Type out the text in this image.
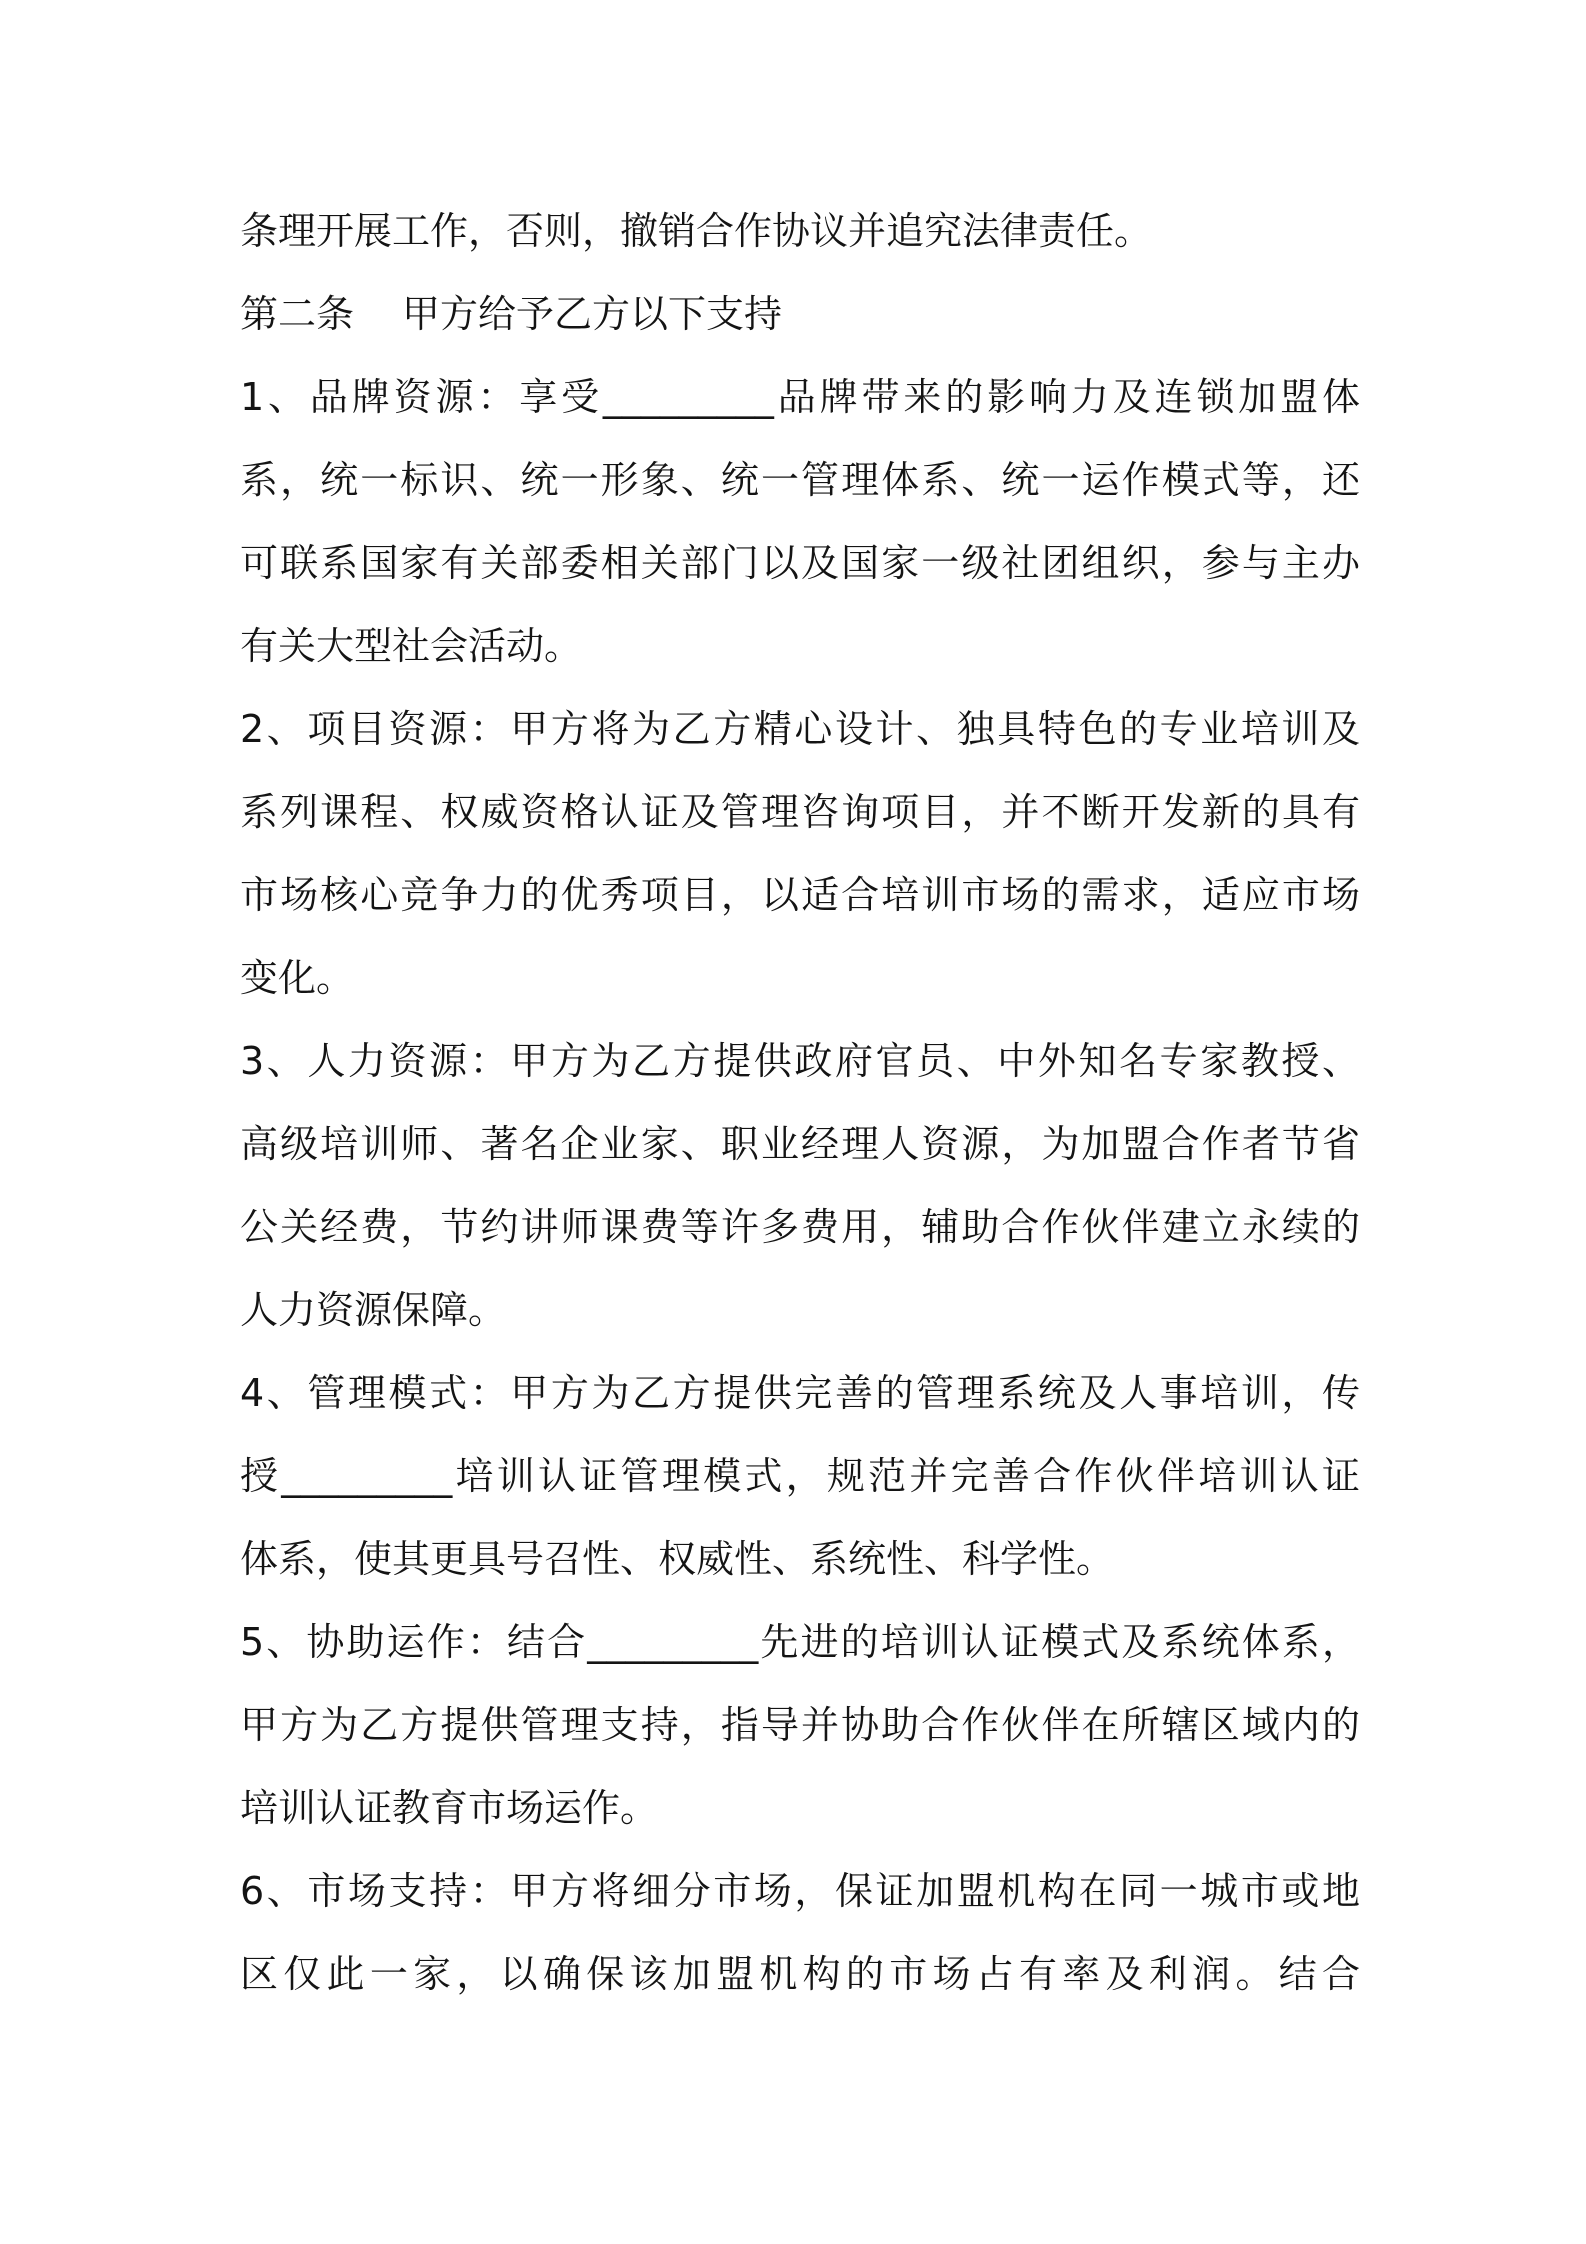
条理开展工作，否则，撤销合作协议并追究法律责任。
第二条 甲方给予乙方以下支持
1、品牌资源：享受_________品牌带来的影响力及连锁加盟体
系，统一标识、统一形象、统一管理体系、统一运作模式等，还
可联系国家有关部委相关部门以及国家一级社团组织，参与主办
有关大型社会活动。
2、项目资源：甲方将为乙方精心设计、独具特色的专业培训及
系列课程、权威资格认证及管理咨询项目，并不断开发新的具有
市场核心竞争力的优秀项目，以适合培训市场的需求，适应市场
变化。
3、人力资源：甲方为乙方提供政府官员、中外知名专家教授、
高级培训师、著名企业家、职业经理人资源，为加盟合作者节省
公关经费，节约讲师课费等许多费用，辅助合作伙伴建立永续的
人力资源保障。
4、管理模式：甲方为乙方提供完善的管理系统及人事培训，传
授_________培训认证管理模式，规范并完善合作伙伴培训认证
体系，使其更具号召性、权威性、系统性、科学性。
5、协助运作：结合_________先进的培训认证模式及系统体系，
甲方为乙方提供管理支持，指导并协助合作伙伴在所辖区域内的
培训认证教育市场运作。
6、市场支持：甲方将细分市场，保证加盟机构在同一城市或地
区仅此一家，以确保该加盟机构的市场占有率及利润。结合
